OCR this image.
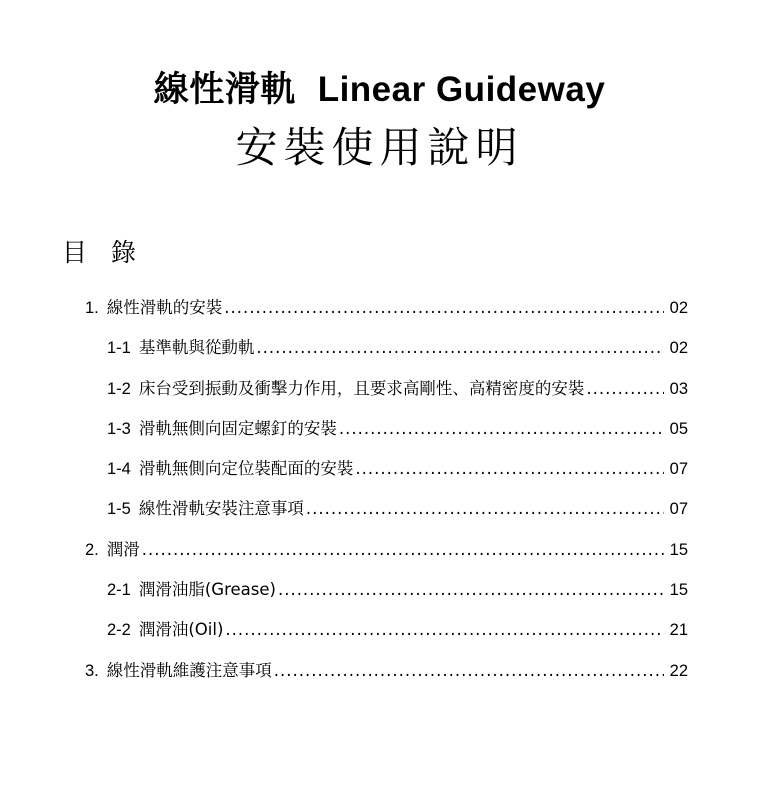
線性滑軌 Linear Guideway
安裝使用說明
目 錄
1. 線性滑軌的安裝 .....	02
1-1 基準軌與從動軌 .....	02
1-2 床台受到振動及衝擊力作用，且要求高剛性、高精密度的安裝 .....	03
1-3 滑軌無側向固定螺釘的安裝 .....	05
1-4 滑軌無側向定位裝配面的安裝 .....	07
1-5 線性滑軌安裝注意事項 .....	07
2. 潤滑 .....	15
2-1 潤滑油脂(Grease) .....	15
2-2 潤滑油(Oil) .....	21
3. 線性滑軌維護注意事項 .....	22
